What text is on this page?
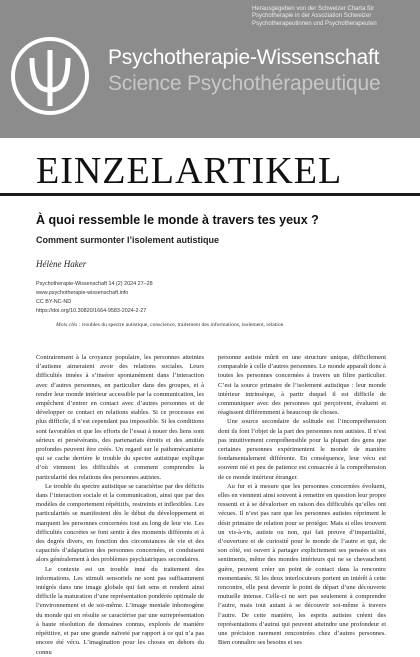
Herausgegeben von der Schweizer Charta für
Psychotherapie in der Assoziation Schweizer
Psychotherapeutinnen und Psychotherapeuten
Psychotherapie-Wissenschaft
Science Psychothérapeutique
EINZELARTIKEL
À quoi ressemble le monde à travers tes yeux ?
Comment surmonter l’isolement autistique
Hélène Haker
Psychotherapie-Wissenschaft 14 (2) 2024 27–28
www.psychotherapie-wissenschaft.info
CC BY-NC-ND
https://doi.org/10.30820/1664-9583-2024-2-27
Mots clés : troubles du spectre autistique, conscience, traitement des informations, isolement, relation

Contrairement à la croyance populaire, les personnes atteintes d’autisme aimeraient avoir des relations sociales. Leurs difficultés innées à s’insérer spontanément dans l’interaction avec d’autres personnes, en particulier dans des groupes, et à rendre leur monde intérieur accessible par la communication, les empêchent d’entrer en contact avec d’autres personnes et de développer ce contact en relations stables. Si ce processus est plus difficile, il n’est cependant pas impossible. Si les conditions sont favorables et que les efforts de l’essai à nouer des liens sont sérieux et persévérants, des partenariats étroits et des amitiés profondes peuvent être créés. Un regard sur le pathomécanisme qui se cache derrière le trouble du spectre autistique explique d’où viennent les difficultés et comment comprendre la particularité des relations des personnes autistes.

Le trouble du spectre autistique se caractérise par des déficits dans l’interaction sociale et la communication, ainsi que par des modèles de comportement répétitifs, restreints et inflexibles. Les particularités se manifestent dès le début du développement et marquent les personnes concernées tout au long de leur vie. Les difficultés concrètes se font sentir à des moments différents et à des degrés divers, en fonction des circonstances de vie et des capacités d’adaptation des personnes concernées, et conduisent alors généralement à des problèmes psychiatriques secondaires.

Le contexte est un trouble inné du traitement des informations. Les stimuli sensoriels ne sont pas suffisamment intégrés dans une image globale qui fait sens et rendent ainsi difficile la maturation d’une représentation pondérée optimale de l’environnement et de soi-même. L’image mentale inhomogène du monde qui en résulte se caractérise par une surreprésentation à haute résolution de domaines connus, explorés de manière répétitive, et par une grande naïveté par rapport à ce qui n’a pas encore été vécu. L’imagination pour les choses en dehors du connu

personne autiste mûrit en une structure unique, difficilement comparable à celle d’autres personnes. Le monde apparaît donc à toutes les personnes concernées à travers un filtre particulier. C’est la source primaire de l’isolement autistique : leur monde intérieur intrinsèque, à partir duquel il est difficile de communiquer avec des personnes qui perçoivent, évaluent et réagissent différemment à beaucoup de choses.

Une source secondaire de solitude est l’incompréhension dont ils font l’objet de la part des personnes non autistes. Il n’est pas intuitivement compréhensible pour la plupart des gens que certaines personnes expérimentent le monde de manière fondamentalement différente. En conséquence, leur vécu est souvent nié et peu de patience est consacrée à la compréhension de ce monde intérieur étranger.

Au fur et à mesure que les personnes concernées évoluent, elles en viennent ainsi souvent à remettre en question leur propre ressenti et à se dévaloriser en raison des difficultés qu’elles ont vécues. Il n’est pas rare que les personnes autistes répriment le désir primaire de relation pour se protéger. Mais si elles trouvent un vis-à-vis, autiste ou non, qui fait preuve d’impartialité, d’ouverture et de curiosité pour le monde de l’autre et qui, de son côté, est ouvert à partager explicitement ses pensées et ses sentiments, même des mondes intérieurs qui ne se chevauchent guère, peuvent créer un point de contact dans la rencontre momentanée. Si les deux interlocuteurs portent un intérêt à cette rencontre, elle peut devenir le point de départ d’une découverte mutuelle intense. Celle-ci ne sert pas seulement à comprendre l’autre, mais tout autant à se découvrir soi-même à travers l’autre. De cette manière, les esprits autistes créent des représentations d’autrui qui peuvent atteindre une profondeur et une précision rarement rencontrées chez d’autres personnes. Bien connaître ses besoins et ses
